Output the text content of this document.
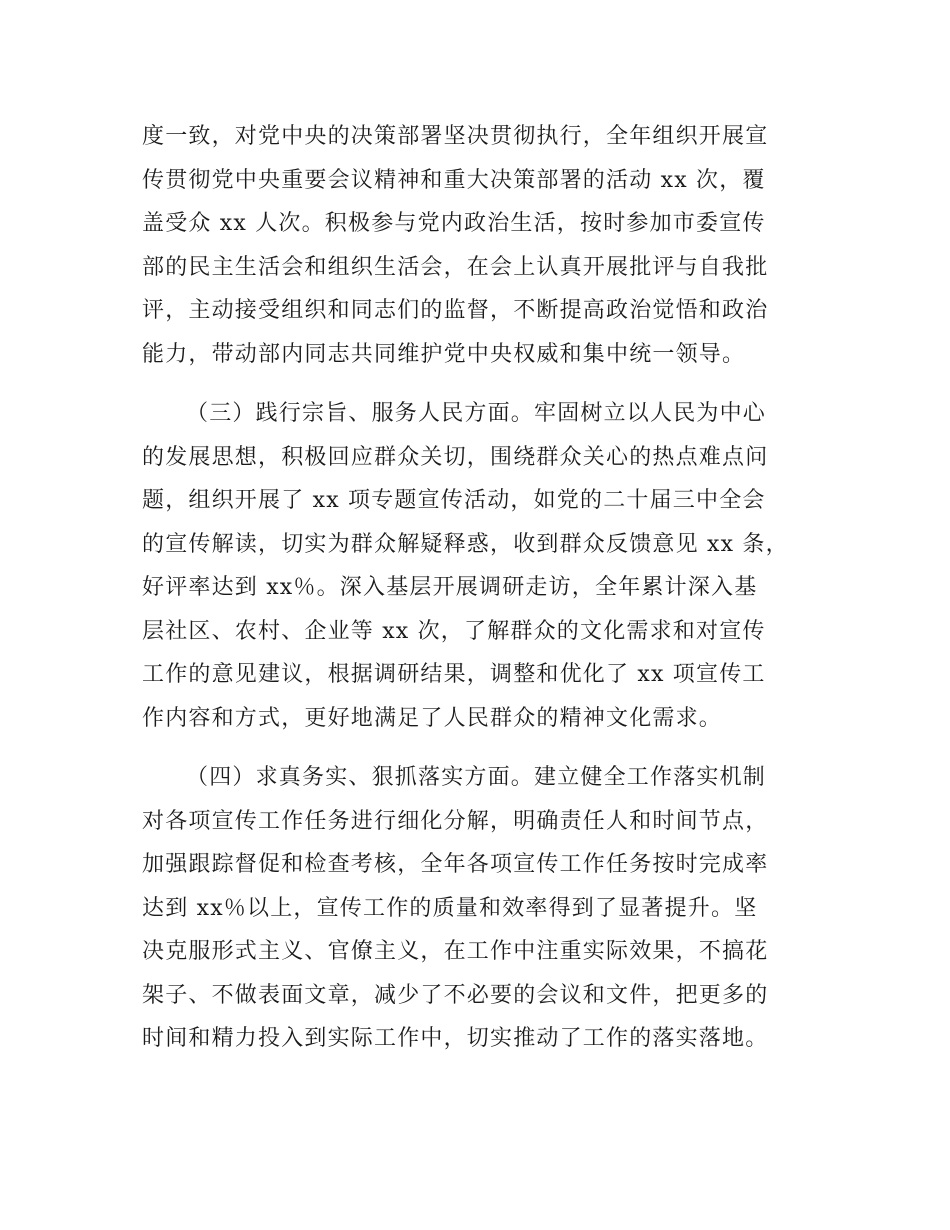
度一致，对党中央的决策部署坚决贯彻执行，全年组织开展宣
传贯彻党中央重要会议精神和重大决策部署的活动 xx 次，覆
盖受众 xx 人次。积极参与党内政治生活，按时参加市委宣传
部的民主生活会和组织生活会，在会上认真开展批评与自我批
评，主动接受组织和同志们的监督，不断提高政治觉悟和政治
能力，带动部内同志共同维护党中央权威和集中统一领导。
（三）践行宗旨、服务人民方面。牢固树立以人民为中心
的发展思想，积极回应群众关切，围绕群众关心的热点难点问
题，组织开展了 xx 项专题宣传活动，如党的二十届三中全会
的宣传解读，切实为群众解疑释惑，收到群众反馈意见 xx 条，
好评率达到 xx％。深入基层开展调研走访，全年累计深入基
层社区、农村、企业等 xx 次，了解群众的文化需求和对宣传
工作的意见建议，根据调研结果，调整和优化了 xx 项宣传工
作内容和方式，更好地满足了人民群众的精神文化需求。
（四）求真务实、狠抓落实方面。建立健全工作落实机制
对各项宣传工作任务进行细化分解，明确责任人和时间节点，
加强跟踪督促和检查考核，全年各项宣传工作任务按时完成率
达到 xx％以上，宣传工作的质量和效率得到了显著提升。坚
决克服形式主义、官僚主义，在工作中注重实际效果，不搞花
架子、不做表面文章，减少了不必要的会议和文件，把更多的
时间和精力投入到实际工作中，切实推动了工作的落实落地。
